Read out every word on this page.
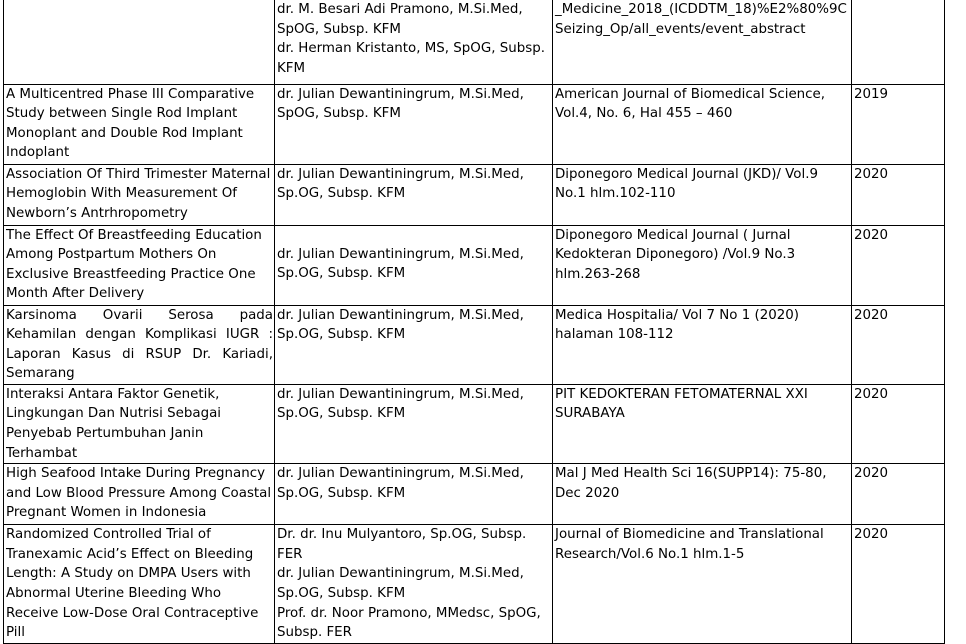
	dr. M. Besari Adi Pramono, M.Si.Med, SpOG, Subsp. KFM
dr. Herman Kristanto, MS, SpOG, Subsp. KFM	_Medicine_2018_(ICDDTM_18)%E2%80%9CSeizing_Op/all_events/event_abstract	

A Multicentred Phase III Comparative Study between Single Rod Implant Monoplant and Double Rod Implant Indoplant	dr. Julian Dewantiningrum, M.Si.Med, SpOG, Subsp. KFM	American Journal of Biomedical Science, Vol.4, No. 6, Hal 455 – 460	2019

Association Of Third Trimester Maternal Hemoglobin With Measurement Of Newborn’s Antrhropometry	dr. Julian Dewantiningrum, M.Si.Med, Sp.OG, Subsp. KFM	Diponegoro Medical Journal (JKD)/ Vol.9 No.1 hlm.102-110	2020

The Effect Of Breastfeeding Education Among Postpartum Mothers On Exclusive Breastfeeding Practice One Month After Delivery	dr. Julian Dewantiningrum, M.Si.Med, Sp.OG, Subsp. KFM	Diponegoro Medical Journal ( Jurnal Kedokteran Diponegoro) /Vol.9 No.3 hlm.263-268	2020

Karsinoma Ovarii Serosa pada Kehamilan dengan Komplikasi IUGR : Laporan Kasus di RSUP Dr. Kariadi, Semarang	dr. Julian Dewantiningrum, M.Si.Med, Sp.OG, Subsp. KFM	Medica Hospitalia/ Vol 7 No 1 (2020) halaman 108-112	2020

Interaksi Antara Faktor Genetik, Lingkungan Dan Nutrisi Sebagai Penyebab Pertumbuhan Janin Terhambat	dr. Julian Dewantiningrum, M.Si.Med, Sp.OG, Subsp. KFM	PIT KEDOKTERAN FETOMATERNAL XXI SURABAYA	2020

High Seafood Intake During Pregnancy and Low Blood Pressure Among Coastal Pregnant Women in Indonesia	dr. Julian Dewantiningrum, M.Si.Med, Sp.OG, Subsp. KFM	Mal J Med Health Sci 16(SUPP14): 75-80, Dec 2020	2020

Randomized Controlled Trial of Tranexamic Acid’s Effect on Bleeding Length: A Study on DMPA Users with Abnormal Uterine Bleeding Who Receive Low-Dose Oral Contraceptive Pill	Dr. dr. Inu Mulyantoro, Sp.OG, Subsp. FER
dr. Julian Dewantiningrum, M.Si.Med, Sp.OG, Subsp. KFM
Prof. dr. Noor Pramono, MMedsc, SpOG, Subsp. FER	Journal of Biomedicine and Translational Research/Vol.6 No.1 hlm.1-5	2020
